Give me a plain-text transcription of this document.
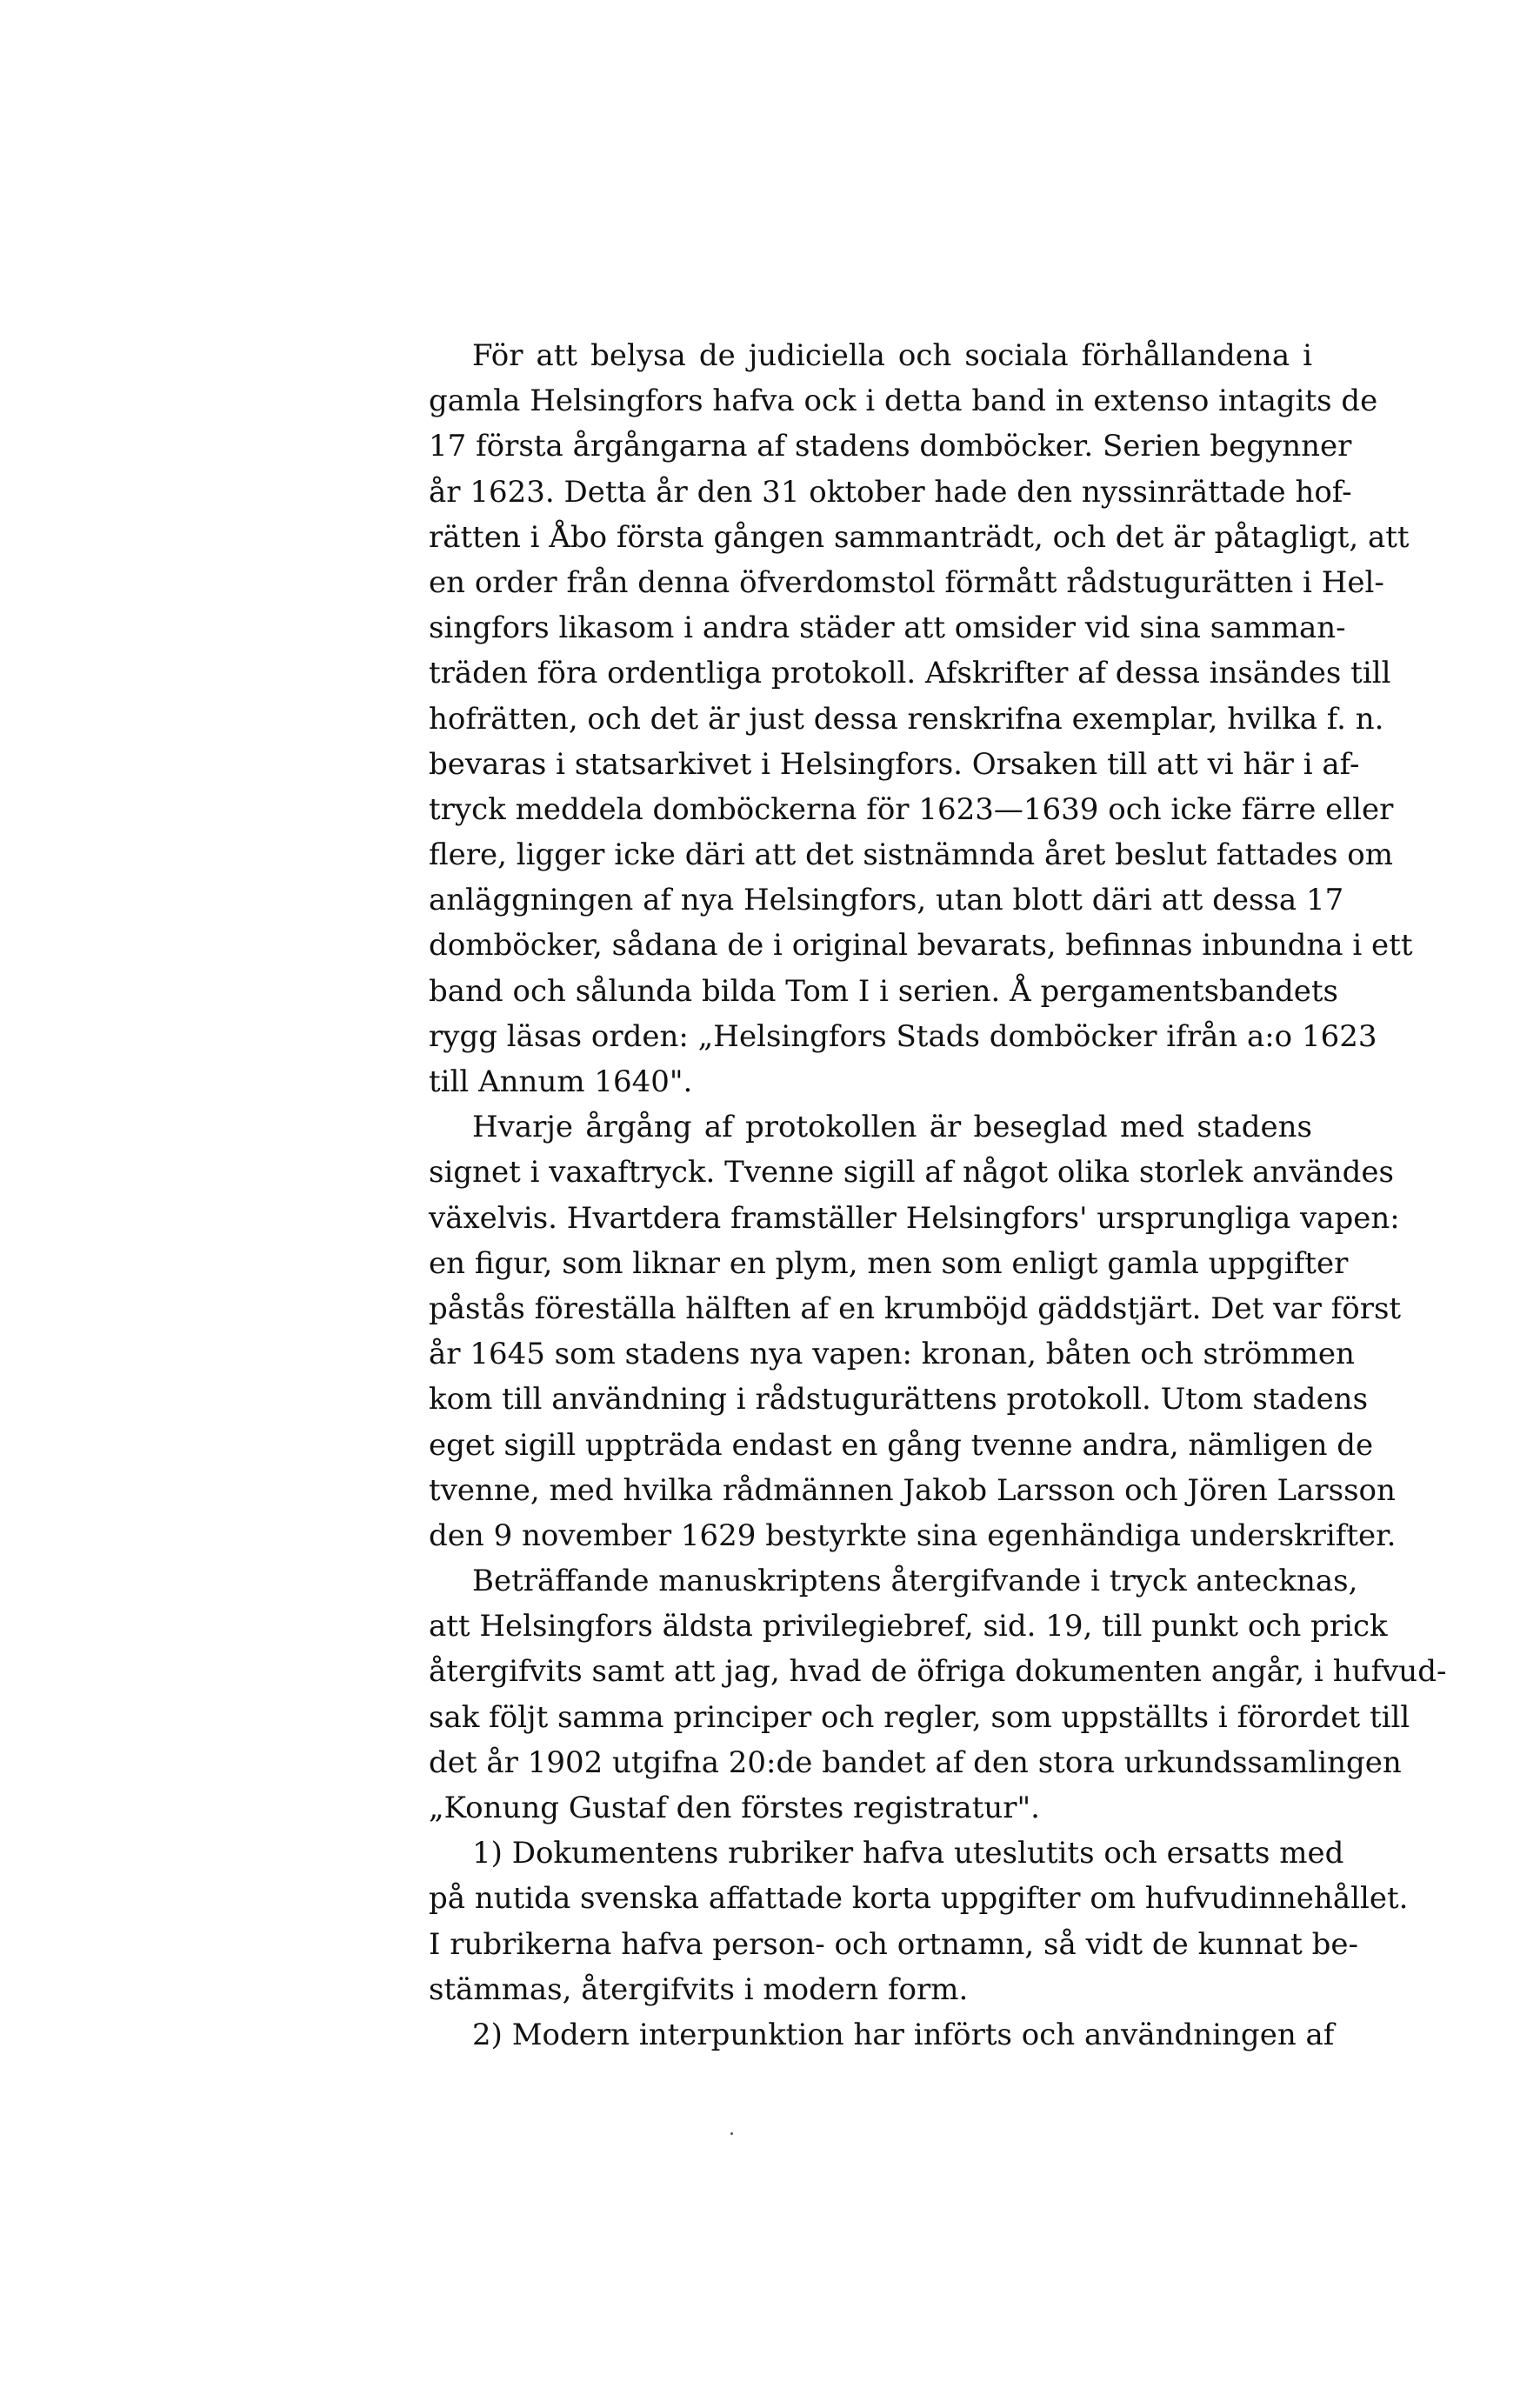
För att belysa de judiciella och sociala förhållandena i
gamla Helsingfors hafva ock i detta band in extenso intagits de
17 första årgångarna af stadens domböcker. Serien begynner
år 1623. Detta år den 31 oktober hade den nyssinrättade hof-
rätten i Åbo första gången sammanträdt, och det är påtagligt, att
en order från denna öfverdomstol förmått rådstugurätten i Hel-
singfors likasom i andra städer att omsider vid sina samman-
träden föra ordentliga protokoll. Afskrifter af dessa insändes till
hofrätten, och det är just dessa renskrifna exemplar, hvilka f. n.
bevaras i statsarkivet i Helsingfors. Orsaken till att vi här i af-
tryck meddela domböckerna för 1623—1639 och icke färre eller
flere, ligger icke däri att det sistnämnda året beslut fattades om
anläggningen af nya Helsingfors, utan blott däri att dessa 17
domböcker, sådana de i original bevarats, befinnas inbundna i ett
band och sålunda bilda Tom I i serien. Å pergamentsbandets
rygg läsas orden: „Helsingfors Stads domböcker ifrån a:o 1623
till Annum 1640".
Hvarje årgång af protokollen är beseglad med stadens
signet i vaxaftryck. Tvenne sigill af något olika storlek användes
växelvis. Hvartdera framställer Helsingfors' ursprungliga vapen:
en figur, som liknar en plym, men som enligt gamla uppgifter
påstås föreställa hälften af en krumböjd gäddstjärt. Det var först
år 1645 som stadens nya vapen: kronan, båten och strömmen
kom till användning i rådstugurättens protokoll. Utom stadens
eget sigill uppträda endast en gång tvenne andra, nämligen de
tvenne, med hvilka rådmännen Jakob Larsson och Jören Larsson
den 9 november 1629 bestyrkte sina egenhändiga underskrifter.
Beträffande manuskriptens återgifvande i tryck antecknas,
att Helsingfors äldsta privilegiebref, sid. 19, till punkt och prick
återgifvits samt att jag, hvad de öfriga dokumenten angår, i hufvud-
sak följt samma principer och regler, som uppställts i förordet till
det år 1902 utgifna 20:de bandet af den stora urkundssamlingen
„Konung Gustaf den förstes registratur".
1) Dokumentens rubriker hafva uteslutits och ersatts med
på nutida svenska affattade korta uppgifter om hufvudinnehållet.
I rubrikerna hafva person- och ortnamn, så vidt de kunnat be-
stämmas, återgifvits i modern form.
2) Modern interpunktion har införts och användningen af
